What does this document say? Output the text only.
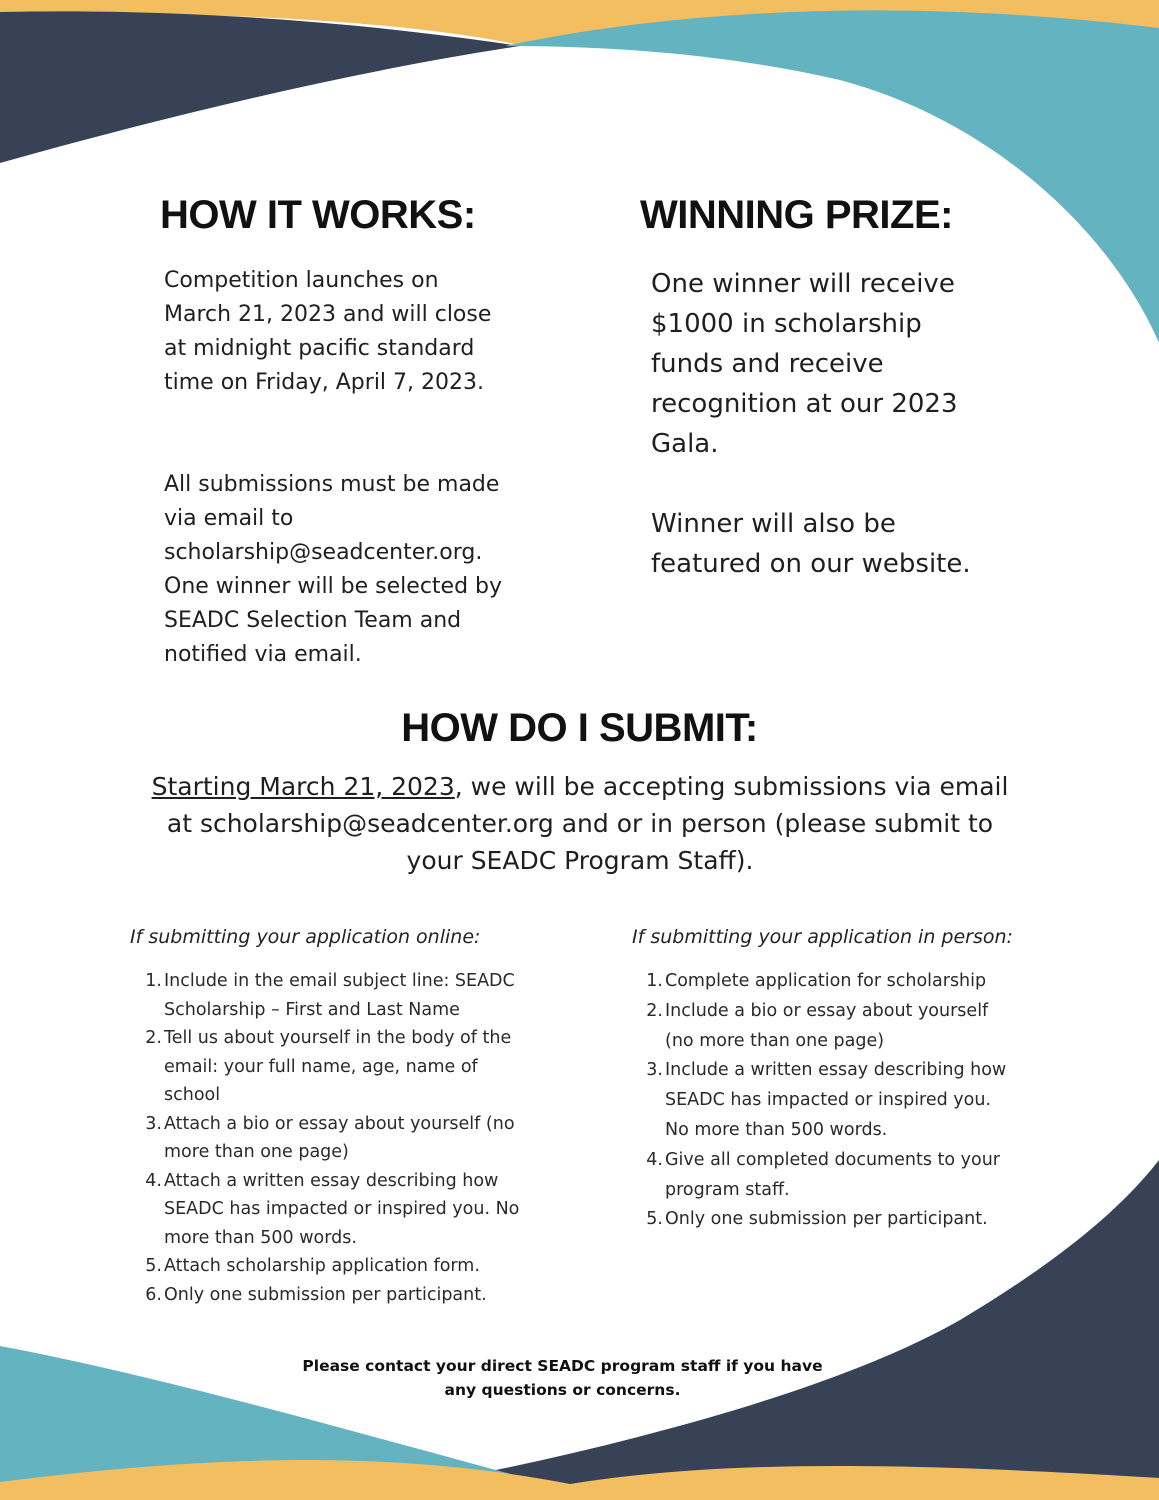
HOW IT WORKS:

Competition launches on March 21, 2023 and will close at midnight pacific standard time on Friday, April 7, 2023.

All submissions must be made via email to scholarship@seadcenter.org. One winner will be selected by SEADC Selection Team and notified via email.

WINNING PRIZE:

One winner will receive $1000 in scholarship funds and receive recognition at our 2023 Gala.

Winner will also be featured on our website.

HOW DO I SUBMIT:

Starting March 21, 2023, we will be accepting submissions via email at scholarship@seadcenter.org and or in person (please submit to your SEADC Program Staff).

If submitting your application online:

1. Include in the email subject line: SEADC Scholarship – First and Last Name
2. Tell us about yourself in the body of the email: your full name, age, name of school
3. Attach a bio or essay about yourself (no more than one page)
4. Attach a written essay describing how SEADC has impacted or inspired you. No more than 500 words.
5. Attach scholarship application form.
6. Only one submission per participant.

If submitting your application in person:

1. Complete application for scholarship
2. Include a bio or essay about yourself (no more than one page)
3. Include a written essay describing how SEADC has impacted or inspired you. No more than 500 words.
4. Give all completed documents to your program staff.
5. Only one submission per participant.

Please contact your direct SEADC program staff if you have any questions or concerns.
